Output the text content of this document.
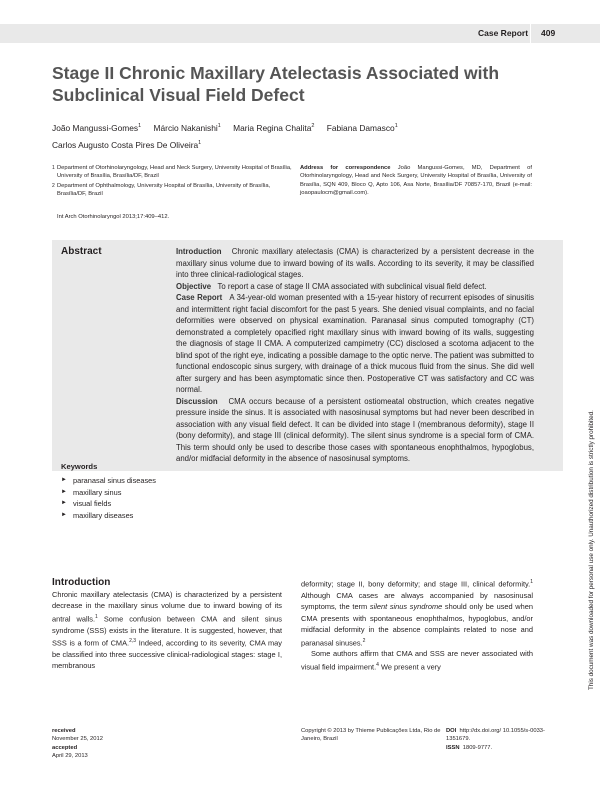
Case Report 409
Stage II Chronic Maxillary Atelectasis Associated with Subclinical Visual Field Defect
João Mangussi-Gomes$^1$ Márcio Nakanishi$^1$ Maria Regina Chalita$^2$ Fabiana Damasco$^1$
Carlos Augusto Costa Pires De Oliveira$^1$
1 Department of Otorhinolaryngology, Head and Neck Surgery, University Hospital of Brasília, University of Brasília, Brasília/DF, Brazil
2 Department of Ophthalmology, University Hospital of Brasília, University of Brasília, Brasília/DF, Brazil
Address for correspondence João Mangussi-Gomes, MD, Department of Otorhinolaryngology, Head and Neck Surgery, University Hospital of Brasília, University of Brasília, SQN 409, Bloco Q, Apto 106, Asa Norte, Brasília/DF 70857-170, Brazil (e-mail: joaopaulocm@gmail.com).
Int Arch Otorhinolaryngol 2013;17:409–412.
Abstract	Introduction Chronic maxillary atelectasis (CMA) is characterized by a persistent decrease in the maxillary sinus volume due to inward bowing of its walls. According to its severity, it may be classified into three clinical-radiological stages.

Objective To report a case of stage II CMA associated with subclinical visual field defect.

Case Report A 34-year-old woman presented with a 15-year history of recurrent episodes of sinusitis and intermittent right facial discomfort for the past 5 years. She denied visual complaints, and no facial deformities were observed on physical examination. Paranasal sinus computed tomography (CT) demonstrated a completely opacified right maxillary sinus with inward bowing of its walls, suggesting the diagnosis of stage II CMA. A computerized campimetry (CC) disclosed a scotoma adjacent to the blind spot of the right eye, indicating a possible damage to the optic nerve. The patient was submitted to functional endoscopic sinus surgery, with drainage of a thick mucous fluid from the sinus. She did well after surgery and has been asymptomatic since then. Postoperative CT was satisfactory and CC was normal.

Discussion CMA occurs because of a persistent ostiomeatal obstruction, which creates negative pressure inside the sinus. It is associated with nasosinusal symptoms but had never been described in association with any visual field defect. It can be divided into stage I (membranous deformity), stage II (bony deformity), and stage III (clinical deformity). The silent sinus syndrome is a special form of CMA. This term should only be used to describe those cases with spontaneous enophthalmos, hypoglobus, and/or midfacial deformity in the absence of nasosinusal symptoms.

Keywords
► paranasal sinus diseases
► maxillary sinus
► visual fields
► maxillary diseases
Introduction

Chronic maxillary atelectasis (CMA) is characterized by a persistent decrease in the maxillary sinus volume due to inward bowing of its antral walls.$^1$ Some confusion between CMA and silent sinus syndrome (SSS) exists in the literature. It is suggested, however, that SSS is a form of CMA.$^{2,3}$ Indeed, according to its severity, CMA may be classified into three successive clinical-radiological stages: stage I, membranous

deformity; stage II, bony deformity; and stage III, clinical deformity.$^1$ Although CMA cases are always accompanied by nasosinusal symptoms, the term silent sinus syndrome should only be used when CMA presents with spontaneous enophthalmos, hypoglobus, and/or midfacial deformity in the absence complaints related to nose and paranasal sinuses.$^2$

Some authors affirm that CMA and SSS are never associated with visual field impairment.$^4$ We present a very

received
November 25, 2012
accepted
April 29, 2013
Copyright © 2013 by Thieme Publicações Ltda, Rio de Janeiro, Brazil
DOI http://dx.doi.org/ 10.1055/s-0033-1351679.
ISSN 1809-9777.
This document was downloaded for personal use only. Unauthorized distribution is strictly prohibited.
